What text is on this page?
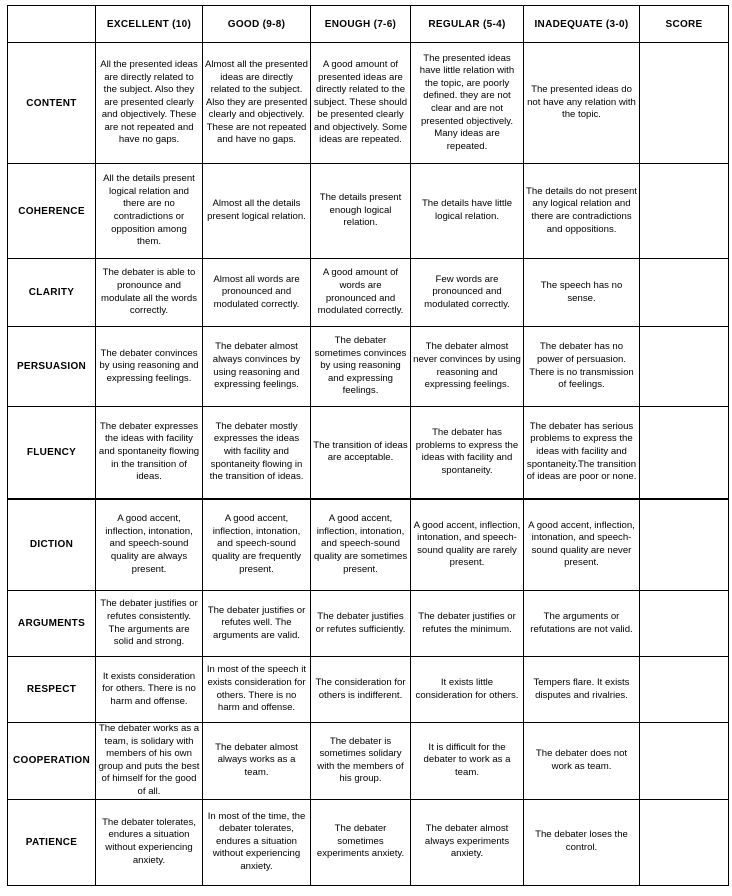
	EXCELLENT (10)	GOOD (9-8)	ENOUGH (7-6)	REGULAR (5-4)	INADEQUATE (3-0)	SCORE
CONTENT	All the presented ideas are directly related to the subject. Also they are presented clearly and objectively. These are not repeated and have no gaps.	Almost all the presented ideas are directly related to the subject. Also they are presented clearly and objectively. These are not repeated and have no gaps.	A good amount of presented ideas are directly related to the subject. These should be presented clearly and objectively. Some ideas are repeated.	The presented ideas have little relation with the topic, are poorly defined. they are not clear and are not presented objectively. Many ideas are repeated.	The presented ideas do not have any relation with the topic.	
COHERENCE	All the details present logical relation and there are no contradictions or opposition among them.	Almost all the details present logical relation.	The details present enough logical relation.	The details have little logical relation.	The details do not present any logical relation and there are contradictions and oppositions.	
CLARITY	The debater is able to pronounce and modulate all the words correctly.	Almost all words are pronounced and modulated correctly.	A good amount of words are pronounced and modulated correctly.	Few words are pronounced and modulated correctly.	The speech has no sense.	
PERSUASION	The debater convinces by using reasoning and expressing feelings.	The debater almost always convinces by using reasoning and expressing feelings.	The debater sometimes convinces by using reasoning and expressing feelings.	The debater almost never convinces by using reasoning and expressing feelings.	The debater has no power of persuasion. There is no transmission of feelings.	
FLUENCY	The debater expresses the ideas with facility and spontaneity flowing in the transition of ideas.	The debater mostly expresses the ideas with facility and spontaneity flowing in the transition of ideas.	The transition of ideas are acceptable.	The debater has problems to express the ideas with facility and spontaneity.	The debater has serious problems to express the ideas with facility and spontaneity.The transition of ideas are poor or none.	
DICTION	A good accent, inflection, intonation, and speech-sound quality are always present.	A good accent, inflection, intonation, and speech-sound quality are frequently present.	A good accent, inflection, intonation, and speech-sound quality are sometimes present.	A good accent, inflection, intonation, and speech-sound quality are rarely present.	A good accent, inflection, intonation, and speech-sound quality are never present.	
ARGUMENTS	The debater justifies or refutes consistently. The arguments are solid and strong.	The debater justifies or refutes well. The arguments are valid.	The debater justifies or refutes sufficiently.	The debater justifies or refutes the minimum.	The arguments or refutations are not valid.	
RESPECT	It exists consideration for others. There is no harm and offense.	In most of the speech it exists consideration for others. There is no harm and offense.	The consideration for others is indifferent.	It exists little consideration for others.	Tempers flare. It exists disputes and rivalries.	
COOPERATION	The debater works as a team, is solidary with members of his own group and puts the best of himself for the good of all.	The debater almost always works as a team.	The debater is sometimes solidary with the members of his group.	It is difficult for the debater to work as a team.	The debater does not work as team.	
PATIENCE	The debater tolerates, endures a situation without experiencing anxiety.	In most of the time, the debater tolerates, endures a situation without experiencing anxiety.	The debater sometimes experiments anxiety.	The debater almost always experiments anxiety.	The debater loses the control.	
